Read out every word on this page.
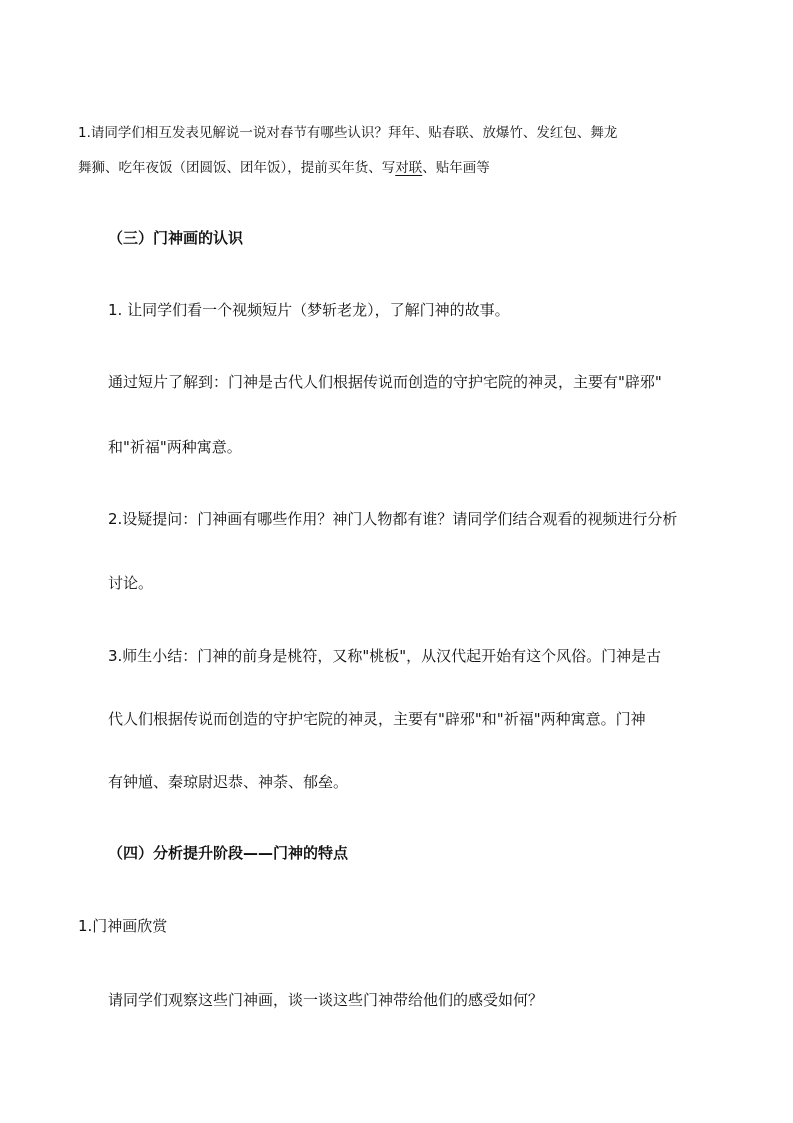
1.请同学们相互发表见解说一说对春节有哪些认识？拜年、贴春联、放爆竹、发红包、舞龙
舞狮、吃年夜饭（团圆饭、团年饭），提前买年货、写对联、贴年画等
（三）门神画的认识
1. 让同学们看一个视频短片（梦斩老龙），了解门神的故事。
通过短片了解到：门神是古代人们根据传说而创造的守护宅院的神灵，主要有"辟邪"
和"祈福"两种寓意。
2.设疑提问：门神画有哪些作用？神门人物都有谁？请同学们结合观看的视频进行分析
讨论。
3.师生小结：门神的前身是桃符，又称"桃板"，从汉代起开始有这个风俗。门神是古
代人们根据传说而创造的守护宅院的神灵，主要有"辟邪"和"祈福"两种寓意。门神
有钟馗、秦琼尉迟恭、神荼、郁垒。
（四）分析提升阶段——门神的特点
1.门神画欣赏
请同学们观察这些门神画，谈一谈这些门神带给他们的感受如何？
